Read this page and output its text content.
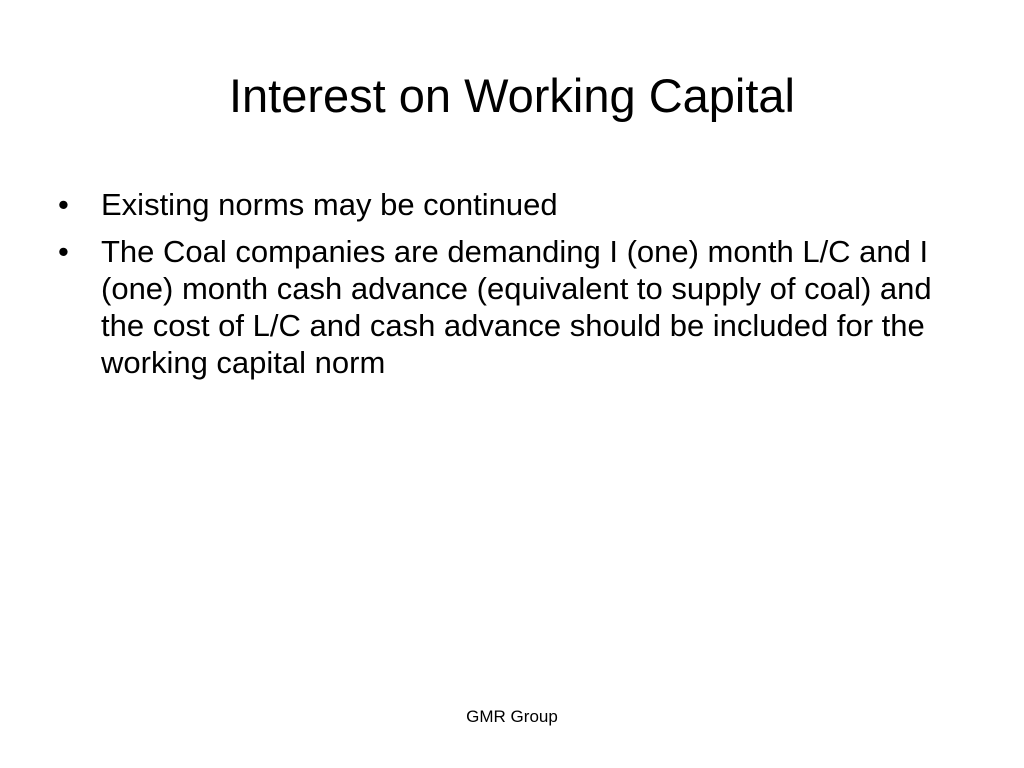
Interest on Working Capital
•	Existing norms may be continued
•	The Coal companies are demanding I (one) month L/C and I (one) month cash advance (equivalent to supply of coal) and the cost of L/C and cash advance should be included for the working capital norm
GMR Group
